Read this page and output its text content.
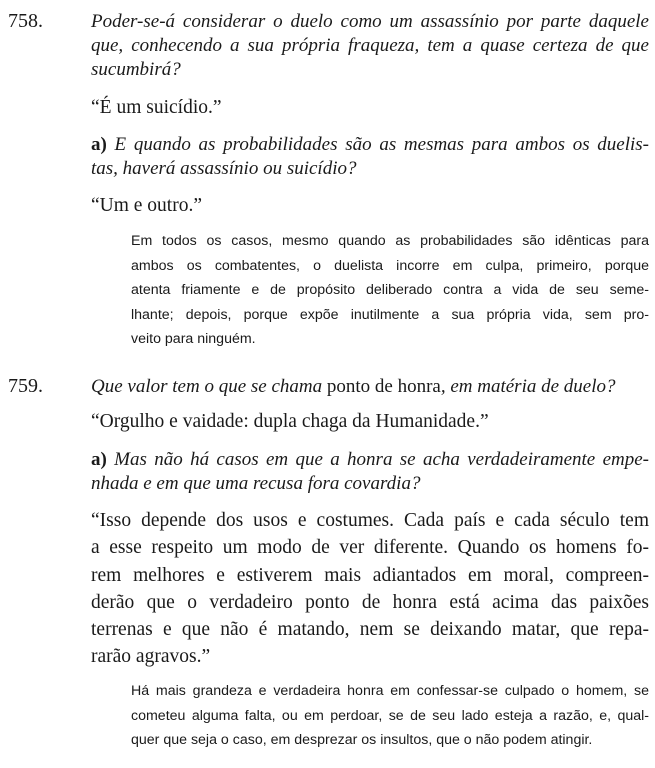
758.	Poder-se-á considerar o duelo como um assassínio por parte daquele
que, conhecendo a sua própria fraqueza, tem a quase certeza de que
sucumbirá?

“É um suicídio.”

a) E quando as probabilidades são as mesmas para ambos os duelis-
tas, haverá assassínio ou suicídio?

“Um e outro.”

Em todos os casos, mesmo quando as probabilidades são idênticas para
ambos os combatentes, o duelista incorre em culpa, primeiro, porque
atenta friamente e de propósito deliberado contra a vida de seu seme-
lhante; depois, porque expõe inutilmente a sua própria vida, sem pro-
veito para ninguém.
759.	Que valor tem o que se chama ponto de honra, em matéria de duelo?

“Orgulho e vaidade: dupla chaga da Humanidade.”

a) Mas não há casos em que a honra se acha verdadeiramente empe-
nhada e em que uma recusa fora covardia?

“Isso depende dos usos e costumes. Cada país e cada século tem
a esse respeito um modo de ver diferente. Quando os homens fo-
rem melhores e estiverem mais adiantados em moral, compreen-
derão que o verdadeiro ponto de honra está acima das paixões
terrenas e que não é matando, nem se deixando matar, que repa-
rarão agravos.”

Há mais grandeza e verdadeira honra em confessar-se culpado o homem, se
cometeu alguma falta, ou em perdoar, se de seu lado esteja a razão, e, qual-
quer que seja o caso, em desprezar os insultos, que o não podem atingir.
